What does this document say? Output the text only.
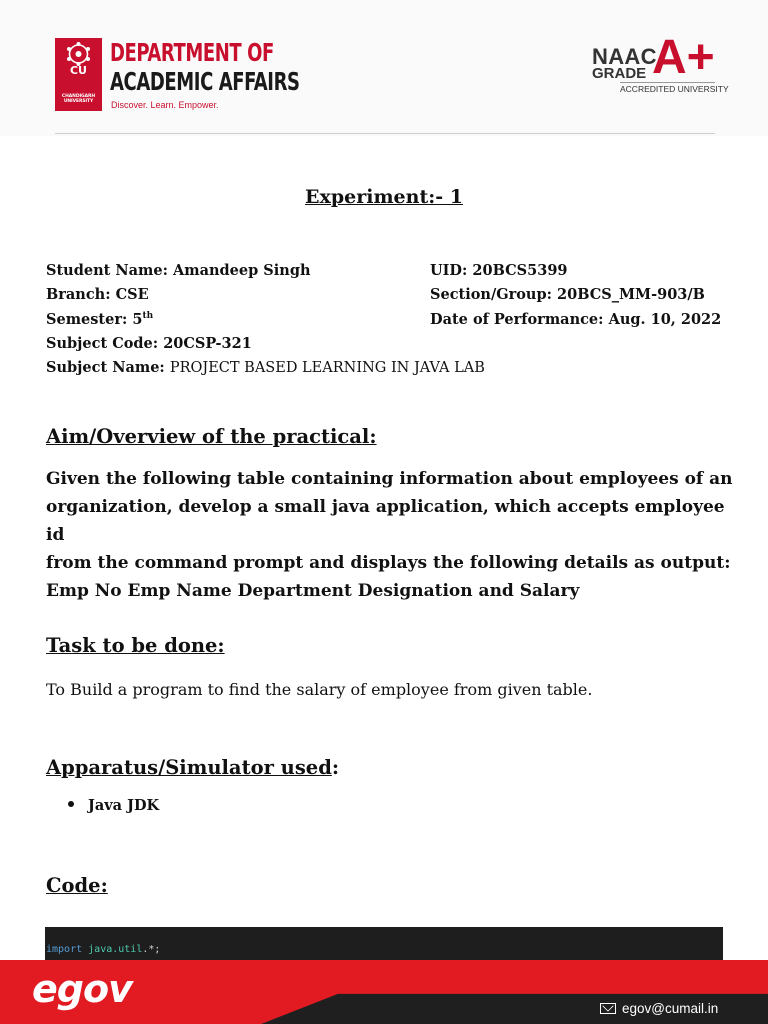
CU
CHANDIGARH UNIVERSITY
DEPARTMENT OF
ACADEMIC AFFAIRS
Discover. Learn. Empower.
NAAC
GRADE A+
ACCREDITED UNIVERSITY
Experiment:- 1
Student Name: Amandeep Singh	UID: 20BCS5399
Branch: CSE	Section/Group: 20BCS_MM-903/B
Semester: 5th	Date of Performance: Aug. 10, 2022
Subject Code: 20CSP-321
Subject Name: PROJECT BASED LEARNING IN JAVA LAB
Aim/Overview of the practical:
Given the following table containing information about employees of an
organization, develop a small java application, which accepts employee id
from the command prompt and displays the following details as output:
Emp No Emp Name Department Designation and Salary
Task to be done:
To Build a program to find the salary of employee from given table.
Apparatus/Simulator used:
Java JDK
Code:
import java.util.*;
egov	egov@cumail.in
